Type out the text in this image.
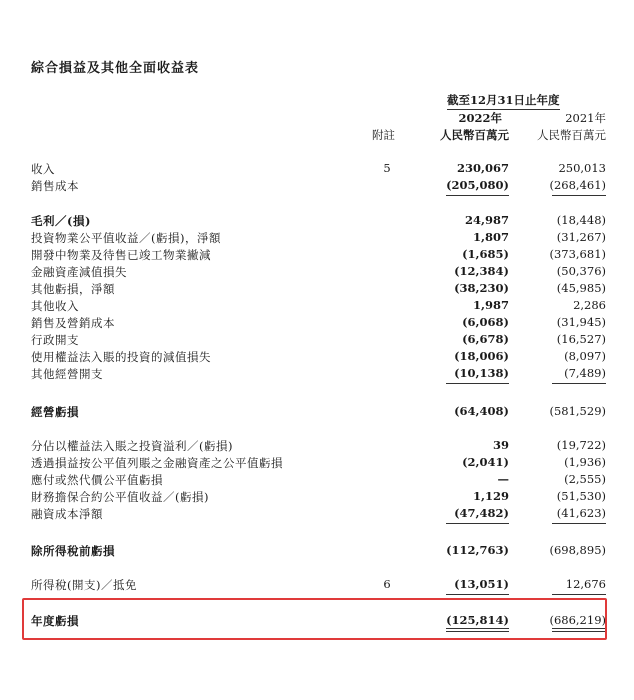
綜合損益及其他全面收益表
截至12月31日止年度
2022年	2021年
附註	人民幣百萬元 人民幣百萬元
收入	5	230,067	250,013
銷售成本	(205,080)	(268,461)
毛利／(損)	24,987	(18,448)
投資物業公平值收益／(虧損)，淨額	1,807	(31,267)
開發中物業及待售已竣工物業撇減	(1,685)	(373,681)
金融資產減值損失	(12,384)	(50,376)
其他虧損，淨額	(38,230)	(45,985)
其他收入	1,987	2,286
銷售及營銷成本	(6,068)	(31,945)
行政開支	(6,678)	(16,527)
使用權益法入賬的投資的減值損失	(18,006)	(8,097)
其他經營開支	(10,138)	(7,489)
經營虧損	(64,408)	(581,529)
分佔以權益法入賬之投資溢利／(虧損)	39	(19,722)
透過損益按公平值列賬之金融資產之公平值虧損	(2,041)	(1,936)
應付或然代價公平值虧損	—	(2,555)
財務擔保合約公平值收益／(虧損)	1,129	(51,530)
融資成本淨額	(47,482)	(41,623)
除所得稅前虧損	(112,763)	(698,895)
所得稅(開支)／抵免	6	(13,051)	12,676
年度虧損	(125,814)	(686,219)
